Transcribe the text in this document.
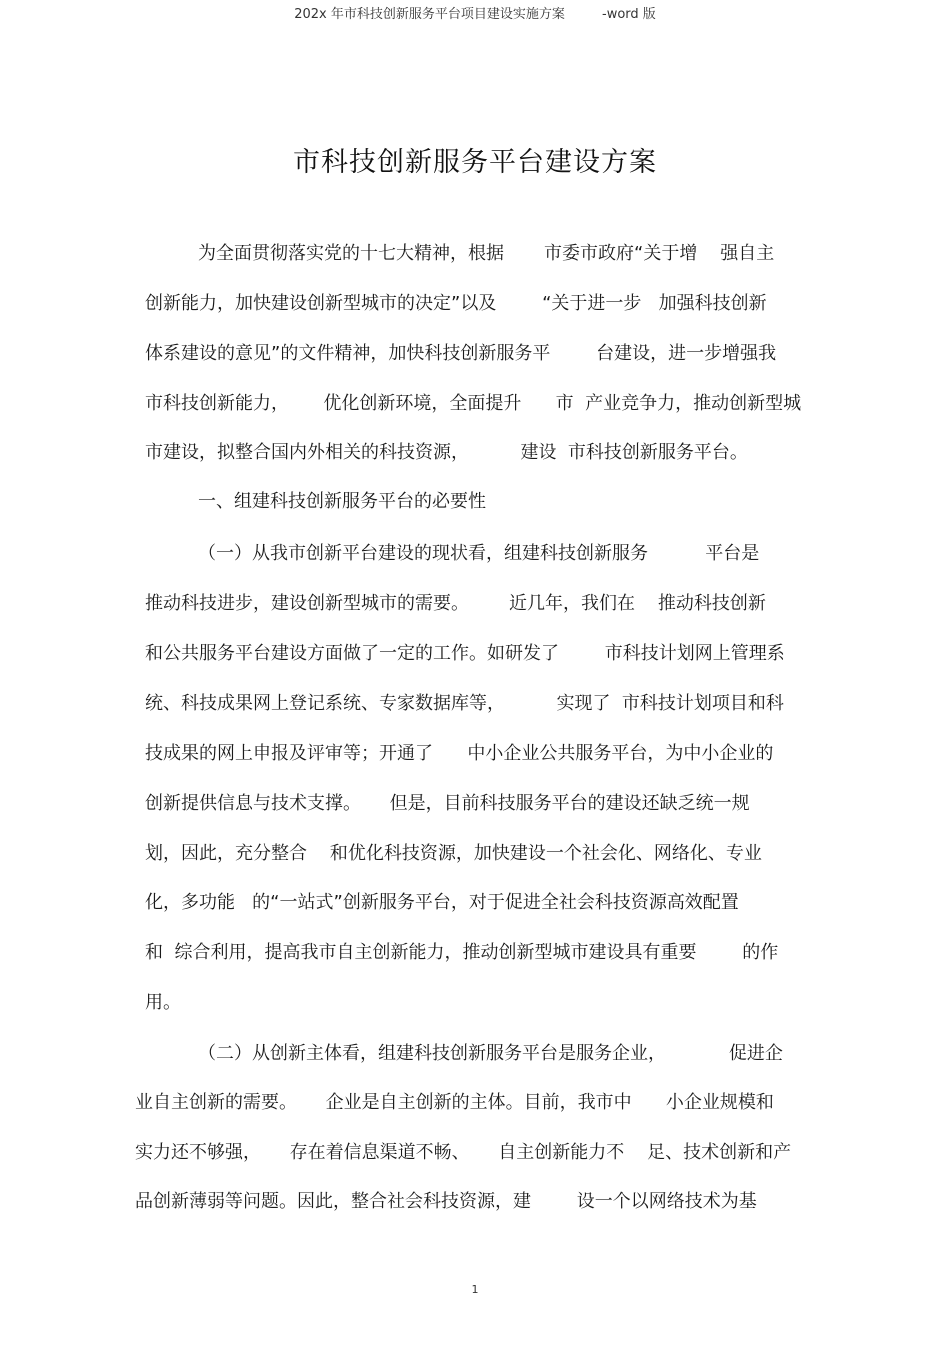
202x 年市科技创新服务平台项目建设实施方案         -word 版
市科技创新服务平台建设方案
为全面贯彻落实党的十七大精神，根据       市委市政府“关于增    强自主
创新能力，加快建设创新型城市的决定”以及        “关于进一步   加强科技创新
体系建设的意见”的文件精神，加快科技创新服务平        台建设，进一步增强我
市科技创新能力，      优化创新环境，全面提升      市  产业竞争力，推动创新型城
市建设，拟整合国内外相关的科技资源，         建设  市科技创新服务平台。
一、组建科技创新服务平台的必要性
（一）从我市创新平台建设的现状看，组建科技创新服务          平台是
推动科技进步，建设创新型城市的需要。       近几年，我们在    推动科技创新
和公共服务平台建设方面做了一定的工作。如研发了        市科技计划网上管理系
统、科技成果网上登记系统、专家数据库等，         实现了  市科技计划项目和科
技成果的网上申报及评审等；开通了      中小企业公共服务平台，为中小企业的
创新提供信息与技术支撑。     但是，目前科技服务平台的建设还缺乏统一规
划，因此，充分整合    和优化科技资源，加快建设一个社会化、网络化、专业
化，多功能   的“一站式”创新服务平台，对于促进全社会科技资源高效配置
和  综合利用，提高我市自主创新能力，推动创新型城市建设具有重要        的作
用。
（二）从创新主体看，组建科技创新服务平台是服务企业，           促进企
业自主创新的需要。     企业是自主创新的主体。目前，我市中      小企业规模和
实力还不够强，     存在着信息渠道不畅、     自主创新能力不    足、技术创新和产
品创新薄弱等问题。因此，整合社会科技资源，建        设一个以网络技术为基
1
